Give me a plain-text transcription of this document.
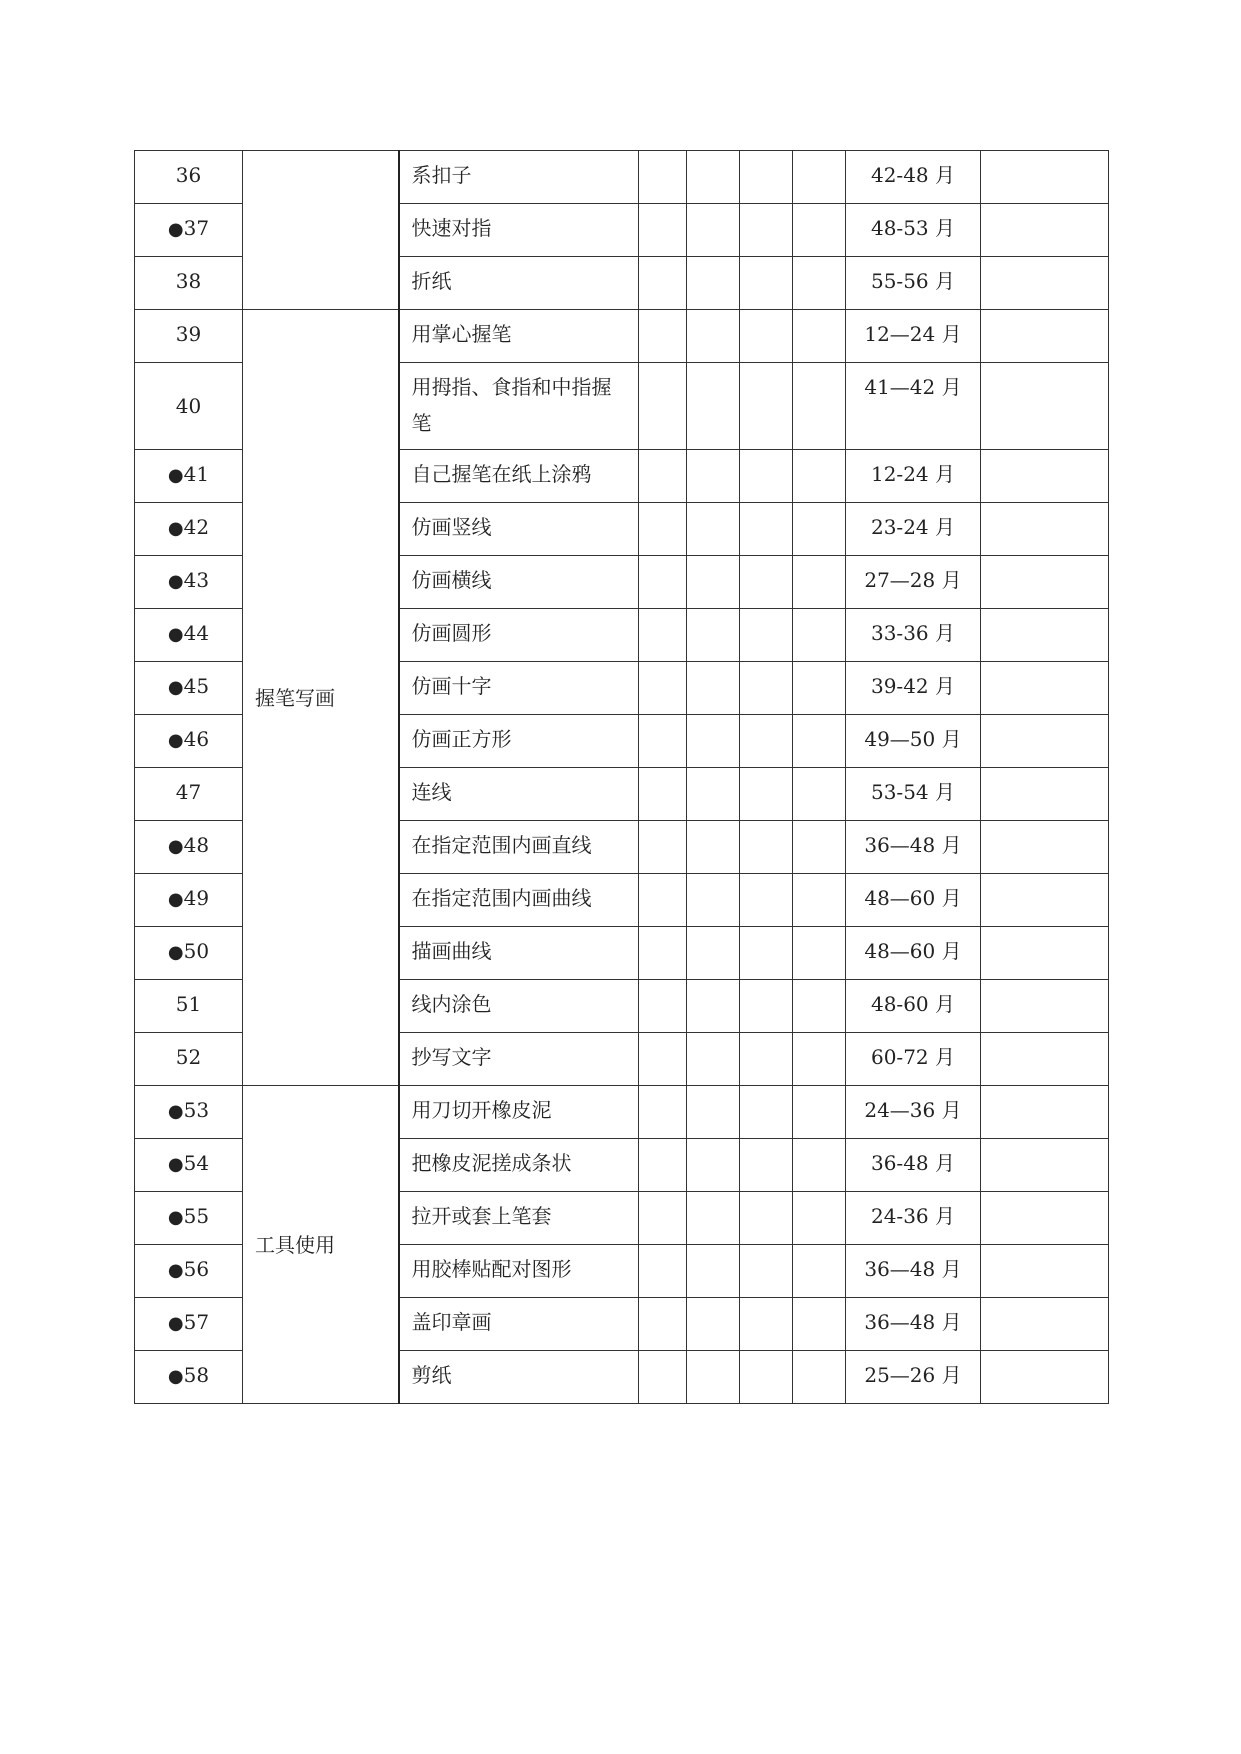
36		系扣子					42-48 月	
●37		快速对指					48-53 月	
38		折纸					55-56 月	
39	握笔写画	用掌心握笔					12—24 月	
40		用拇指、食指和中指握笔					41—42 月	
●41		自己握笔在纸上涂鸦					12-24 月	
●42		仿画竖线					23-24 月	
●43		仿画横线					27—28 月	
●44		仿画圆形					33-36 月	
●45		仿画十字					39-42 月	
●46		仿画正方形					49—50 月	
47		连线					53-54 月	
●48		在指定范围内画直线					36—48 月	
●49		在指定范围内画曲线					48—60 月	
●50		描画曲线					48—60 月	
51		线内涂色					48-60 月	
52		抄写文字					60-72 月	
●53	工具使用	用刀切开橡皮泥					24—36 月	
●54		把橡皮泥搓成条状					36-48 月	
●55		拉开或套上笔套					24-36 月	
●56		用胶棒贴配对图形					36—48 月	
●57		盖印章画					36—48 月	
●58		剪纸					25—26 月	
